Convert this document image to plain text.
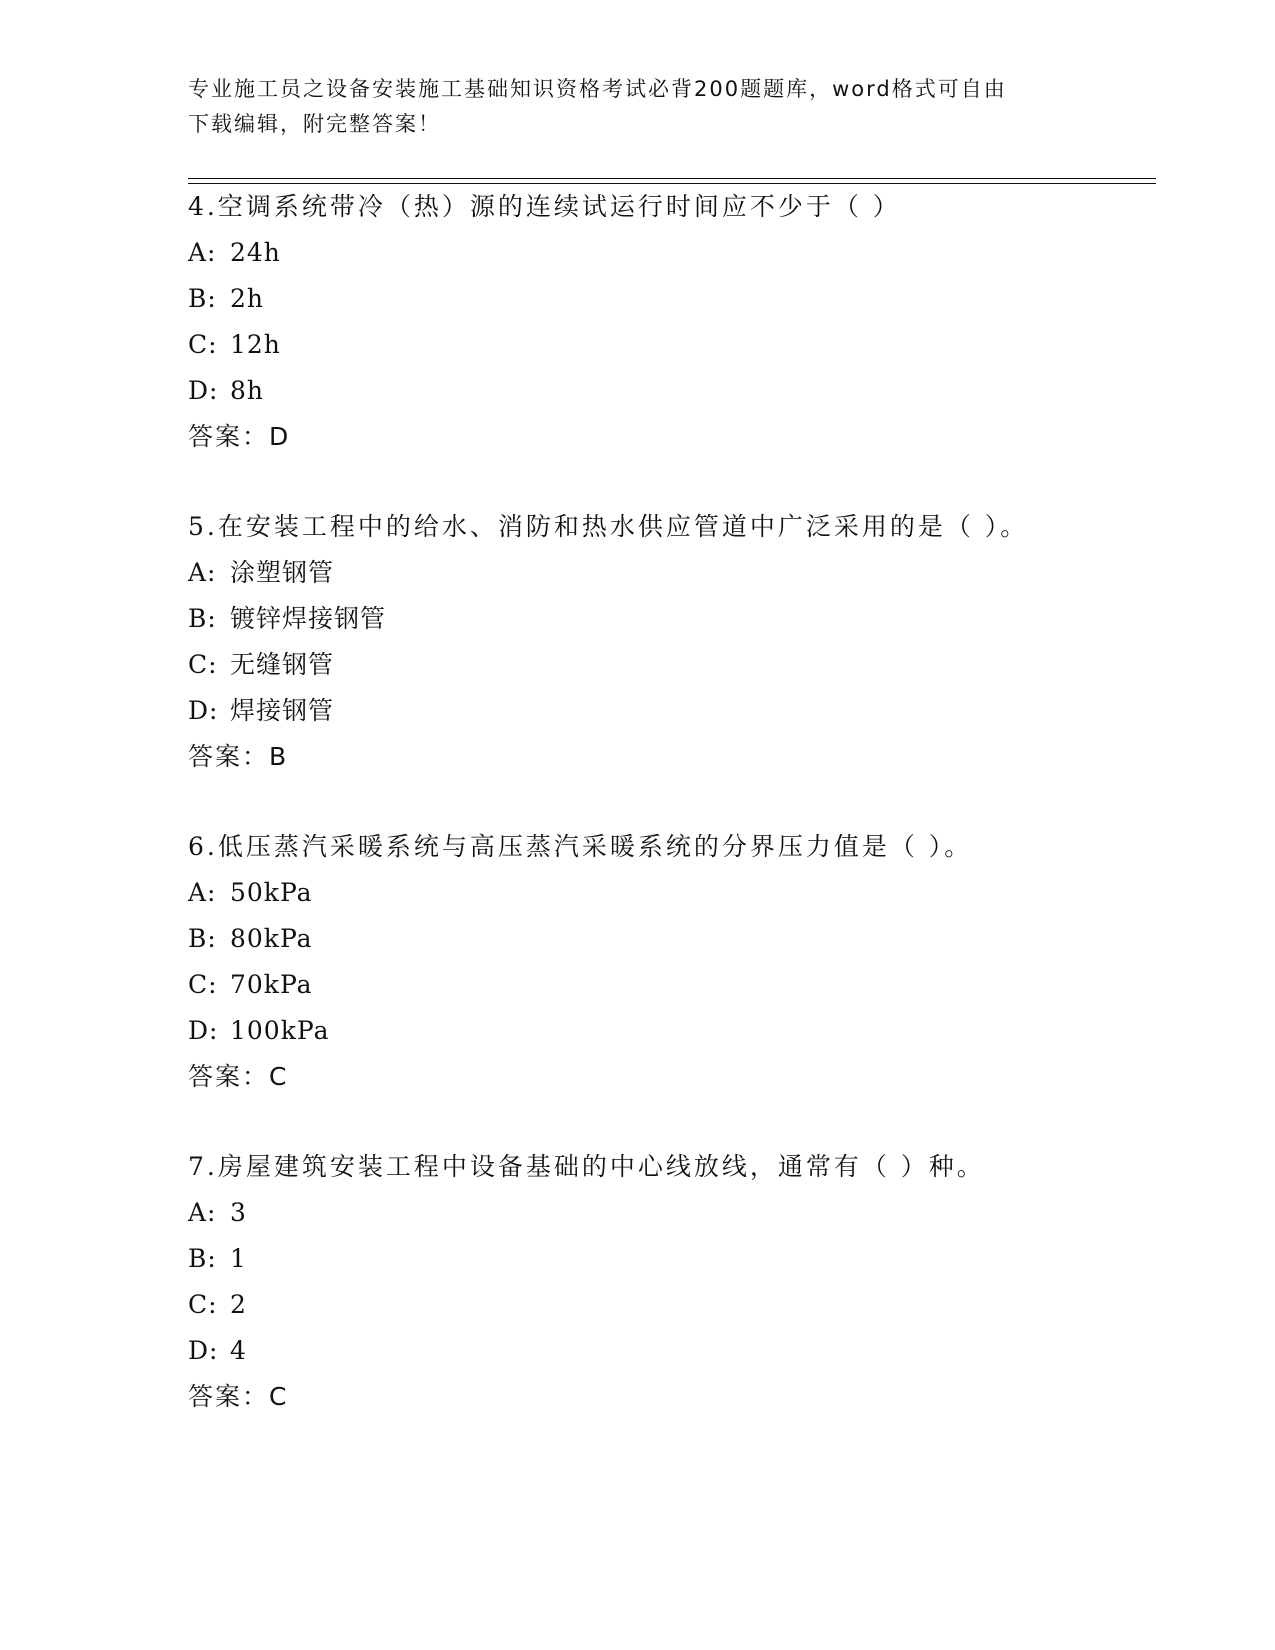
专业施工员之设备安装施工基础知识资格考试必背200题题库，word格式可自由
下载编辑，附完整答案！
4.空调系统带冷（热）源的连续试运行时间应不少于（ ）
A: 24h
B: 2h
C: 12h
D: 8h
答案：D
5.在安装工程中的给水、消防和热水供应管道中广泛采用的是（ ）。
A: 涂塑钢管
B: 镀锌焊接钢管
C: 无缝钢管
D: 焊接钢管
答案：B
6.低压蒸汽采暖系统与高压蒸汽采暖系统的分界压力值是（ ）。
A: 50kPa
B: 80kPa
C: 70kPa
D: 100kPa
答案：C
7.房屋建筑安装工程中设备基础的中心线放线，通常有（ ）种。
A: 3
B: 1
C: 2
D: 4
答案：C
